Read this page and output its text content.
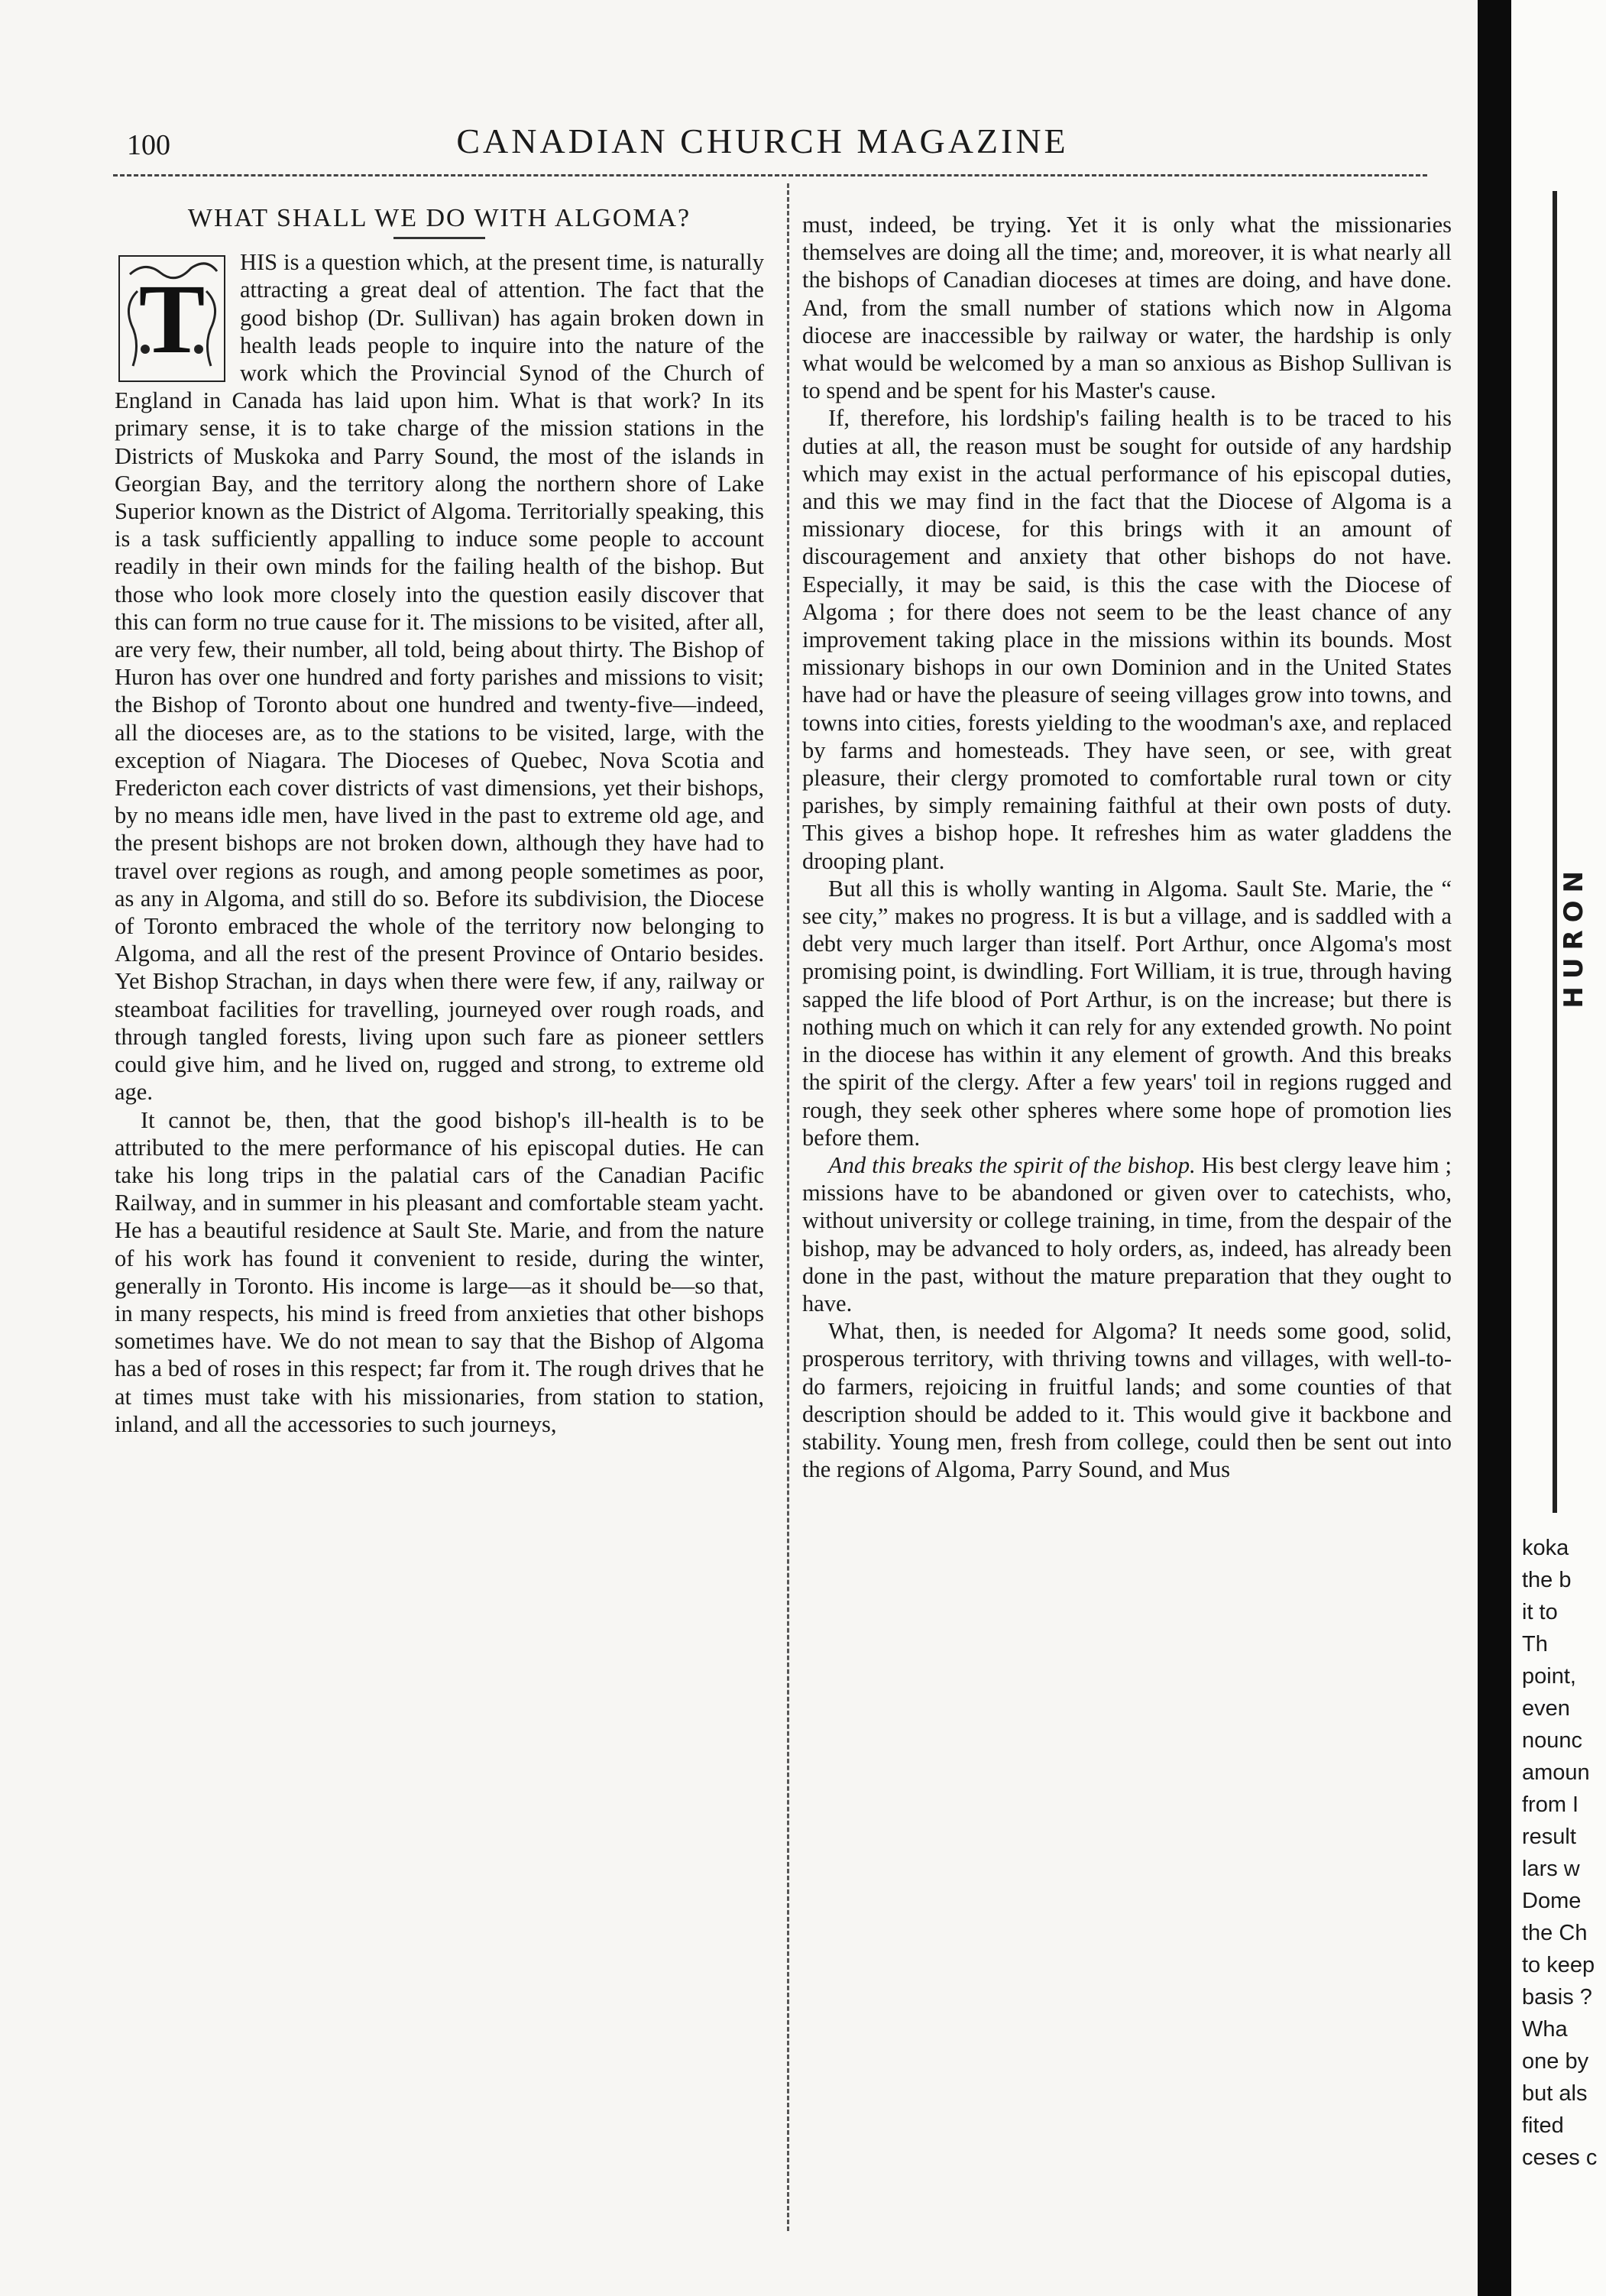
100	CANADIAN CHURCH MAGAZINE
WHAT SHALL WE DO WITH ALGOMA?
T

HIS is a question which, at the present time, is naturally attracting a great deal of attention. The fact that the good bishop (Dr. Sullivan) has again broken down in health leads people to inquire into the nature of the work which the Provincial Synod of the Church of England in Canada has laid upon him. What is that work? In its primary sense, it is to take charge of the mission stations in the Districts of Muskoka and Parry Sound, the most of the islands in Georgian Bay, and the territory along the northern shore of Lake Superior known as the District of Algoma. Territorially speaking, this is a task sufficiently appalling to induce some people to account readily in their own minds for the failing health of the bishop. But those who look more closely into the question easily discover that this can form no true cause for it. The missions to be visited, after all, are very few, their number, all told, being about thirty. The Bishop of Huron has over one hundred and forty parishes and missions to visit; the Bishop of Toronto about one hundred and twenty-five—indeed, all the dioceses are, as to the stations to be visited, large, with the exception of Niagara. The Dioceses of Quebec, Nova Scotia and Fredericton each cover districts of vast dimensions, yet their bishops, by no means idle men, have lived in the past to extreme old age, and the present bishops are not broken down, although they have had to travel over regions as rough, and among people sometimes as poor, as any in Algoma, and still do so. Before its subdivision, the Diocese of Toronto embraced the whole of the territory now belonging to Algoma, and all the rest of the present Province of Ontario besides. Yet Bishop Strachan, in days when there were few, if any, railway or steamboat facilities for travelling, journeyed over rough roads, and through tangled forests, living upon such fare as pioneer settlers could give him, and he lived on, rugged and strong, to extreme old age.

It cannot be, then, that the good bishop's ill-health is to be attributed to the mere performance of his episcopal duties. He can take his long trips in the palatial cars of the Canadian Pacific Railway, and in summer in his pleasant and comfortable steam yacht. He has a beautiful residence at Sault Ste. Marie, and from the nature of his work has found it convenient to reside, during the winter, generally in Toronto. His income is large—as it should be—so that, in many respects, his mind is freed from anxieties that other bishops sometimes have. We do not mean to say that the Bishop of Algoma has a bed of roses in this respect; far from it. The rough drives that he at times must take with his missionaries, from station to station, inland, and all the accessories to such journeys,

must, indeed, be trying. Yet it is only what the missionaries themselves are doing all the time; and, moreover, it is what nearly all the bishops of Canadian dioceses at times are doing, and have done. And, from the small number of stations which now in Algoma diocese are inaccessible by railway or water, the hardship is only what would be welcomed by a man so anxious as Bishop Sullivan is to spend and be spent for his Master's cause.

If, therefore, his lordship's failing health is to be traced to his duties at all, the reason must be sought for outside of any hardship which may exist in the actual performance of his episcopal duties, and this we may find in the fact that the Diocese of Algoma is a missionary diocese, for this brings with it an amount of discouragement and anxiety that other bishops do not have. Especially, it may be said, is this the case with the Diocese of Algoma ; for there does not seem to be the least chance of any improvement taking place in the missions within its bounds. Most missionary bishops in our own Dominion and in the United States have had or have the pleasure of seeing villages grow into towns, and towns into cities, forests yielding to the woodman's axe, and replaced by farms and homesteads. They have seen, or see, with great pleasure, their clergy promoted to comfortable rural town or city parishes, by simply remaining faithful at their own posts of duty. This gives a bishop hope. It refreshes him as water gladdens the drooping plant.

But all this is wholly wanting in Algoma. Sault Ste. Marie, the “ see city,” makes no progress. It is but a village, and is saddled with a debt very much larger than itself. Port Arthur, once Algoma's most promising point, is dwindling. Fort William, it is true, through having sapped the life blood of Port Arthur, is on the increase; but there is nothing much on which it can rely for any extended growth. No point in the diocese has within it any element of growth. And this breaks the spirit of the clergy. After a few years' toil in regions rugged and rough, they seek other spheres where some hope of promotion lies before them.

And this breaks the spirit of the bishop. His best clergy leave him ; missions have to be abandoned or given over to catechists, who, without university or college training, in time, from the despair of the bishop, may be advanced to holy orders, as, indeed, has already been done in the past, without the mature preparation that they ought to have.

What, then, is needed for Algoma? It needs some good, solid, prosperous territory, with thriving towns and villages, with well-to-do farmers, rejoicing in fruitful lands; and some counties of that description should be added to it. This would give it backbone and stability. Young men, fresh from college, could then be sent out into the regions of Algoma, Parry Sound, and Mus

HURON
koka
the b
it to
Th
point,
even
nounc
amoun
from I
result
lars w
Dome
the Ch
to keep
basis ?
Wha
one by
but als
fited
ceses c
